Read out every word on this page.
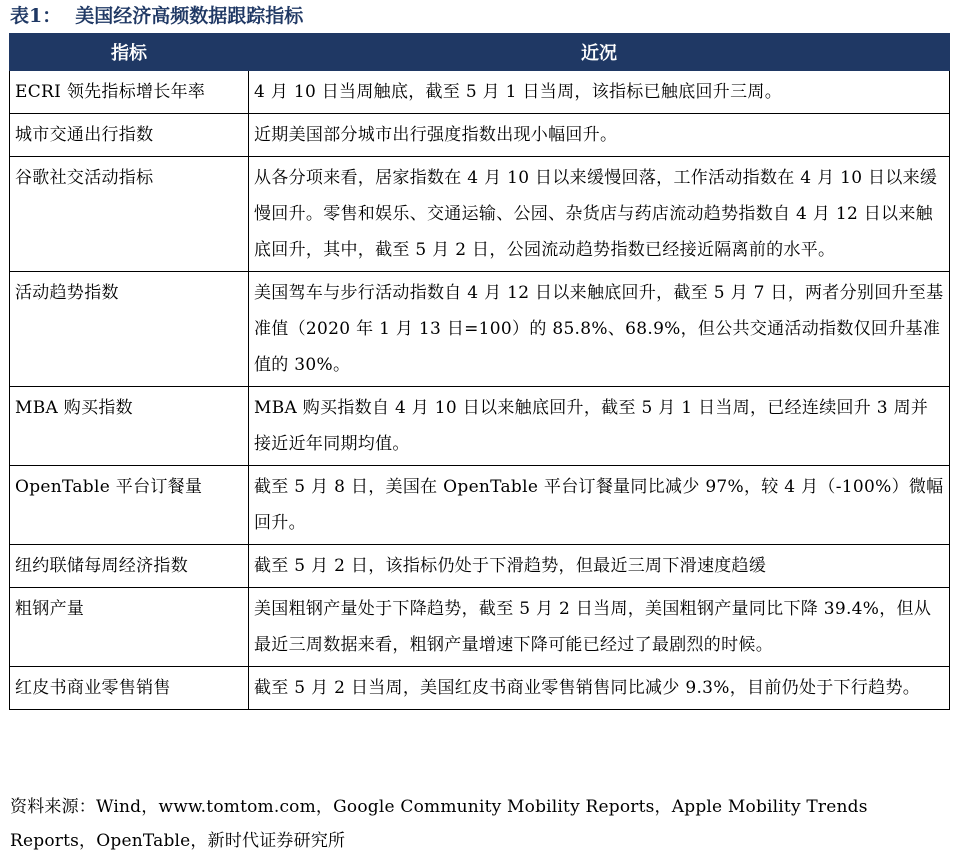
表1： 美国经济高频数据跟踪指标
指标	近况
ECRI 领先指标增长年率	4 月 10 日当周触底，截至 5 月 1 日当周，该指标已触底回升三周。
城市交通出行指数	近期美国部分城市出行强度指数出现小幅回升。
谷歌社交活动指标	从各分项来看，居家指数在 4 月 10 日以来缓慢回落，工作活动指数在 4 月 10 日以来缓慢回升。零售和娱乐、交通运输、公园、杂货店与药店流动趋势指数自 4 月 12 日以来触底回升，其中，截至 5 月 2 日，公园流动趋势指数已经接近隔离前的水平。
活动趋势指数	美国驾车与步行活动指数自 4 月 12 日以来触底回升，截至 5 月 7 日，两者分别回升至基准值（2020 年 1 月 13 日=100）的 85.8%、68.9%，但公共交通活动指数仅回升基准值的 30%。
MBA 购买指数	MBA 购买指数自 4 月 10 日以来触底回升，截至 5 月 1 日当周，已经连续回升 3 周并接近近年同期均值。
OpenTable 平台订餐量	截至 5 月 8 日，美国在 OpenTable 平台订餐量同比减少 97%，较 4 月（-100%）微幅回升。
纽约联储每周经济指数	截至 5 月 2 日，该指标仍处于下滑趋势，但最近三周下滑速度趋缓
粗钢产量	美国粗钢产量处于下降趋势，截至 5 月 2 日当周，美国粗钢产量同比下降 39.4%，但从最近三周数据来看，粗钢产量增速下降可能已经过了最剧烈的时候。
红皮书商业零售销售	截至 5 月 2 日当周，美国红皮书商业零售销售同比减少 9.3%，目前仍处于下行趋势。
资料来源：Wind，www.tomtom.com，Google Community Mobility Reports，Apple Mobility Trends Reports，OpenTable，新时代证券研究所
